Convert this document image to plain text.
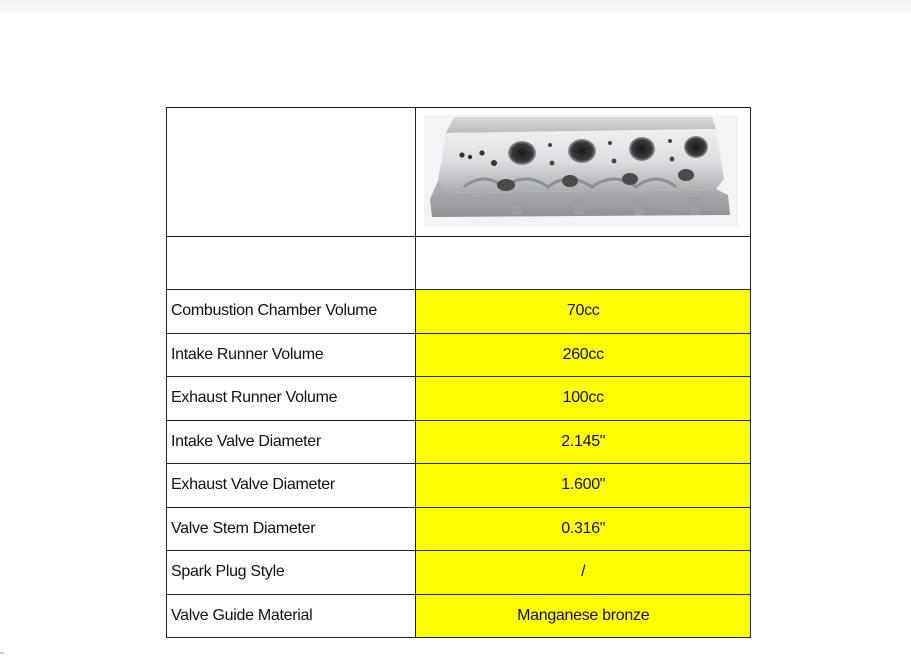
Combustion Chamber Volume	70cc
Intake Runner Volume	260cc
Exhaust Runner Volume	100cc
Intake Valve Diameter	2.145"
Exhaust Valve Diameter	1.600"
Valve Stem Diameter	0.316"
Spark Plug Style	/
Valve Guide Material	Manganese bronze
